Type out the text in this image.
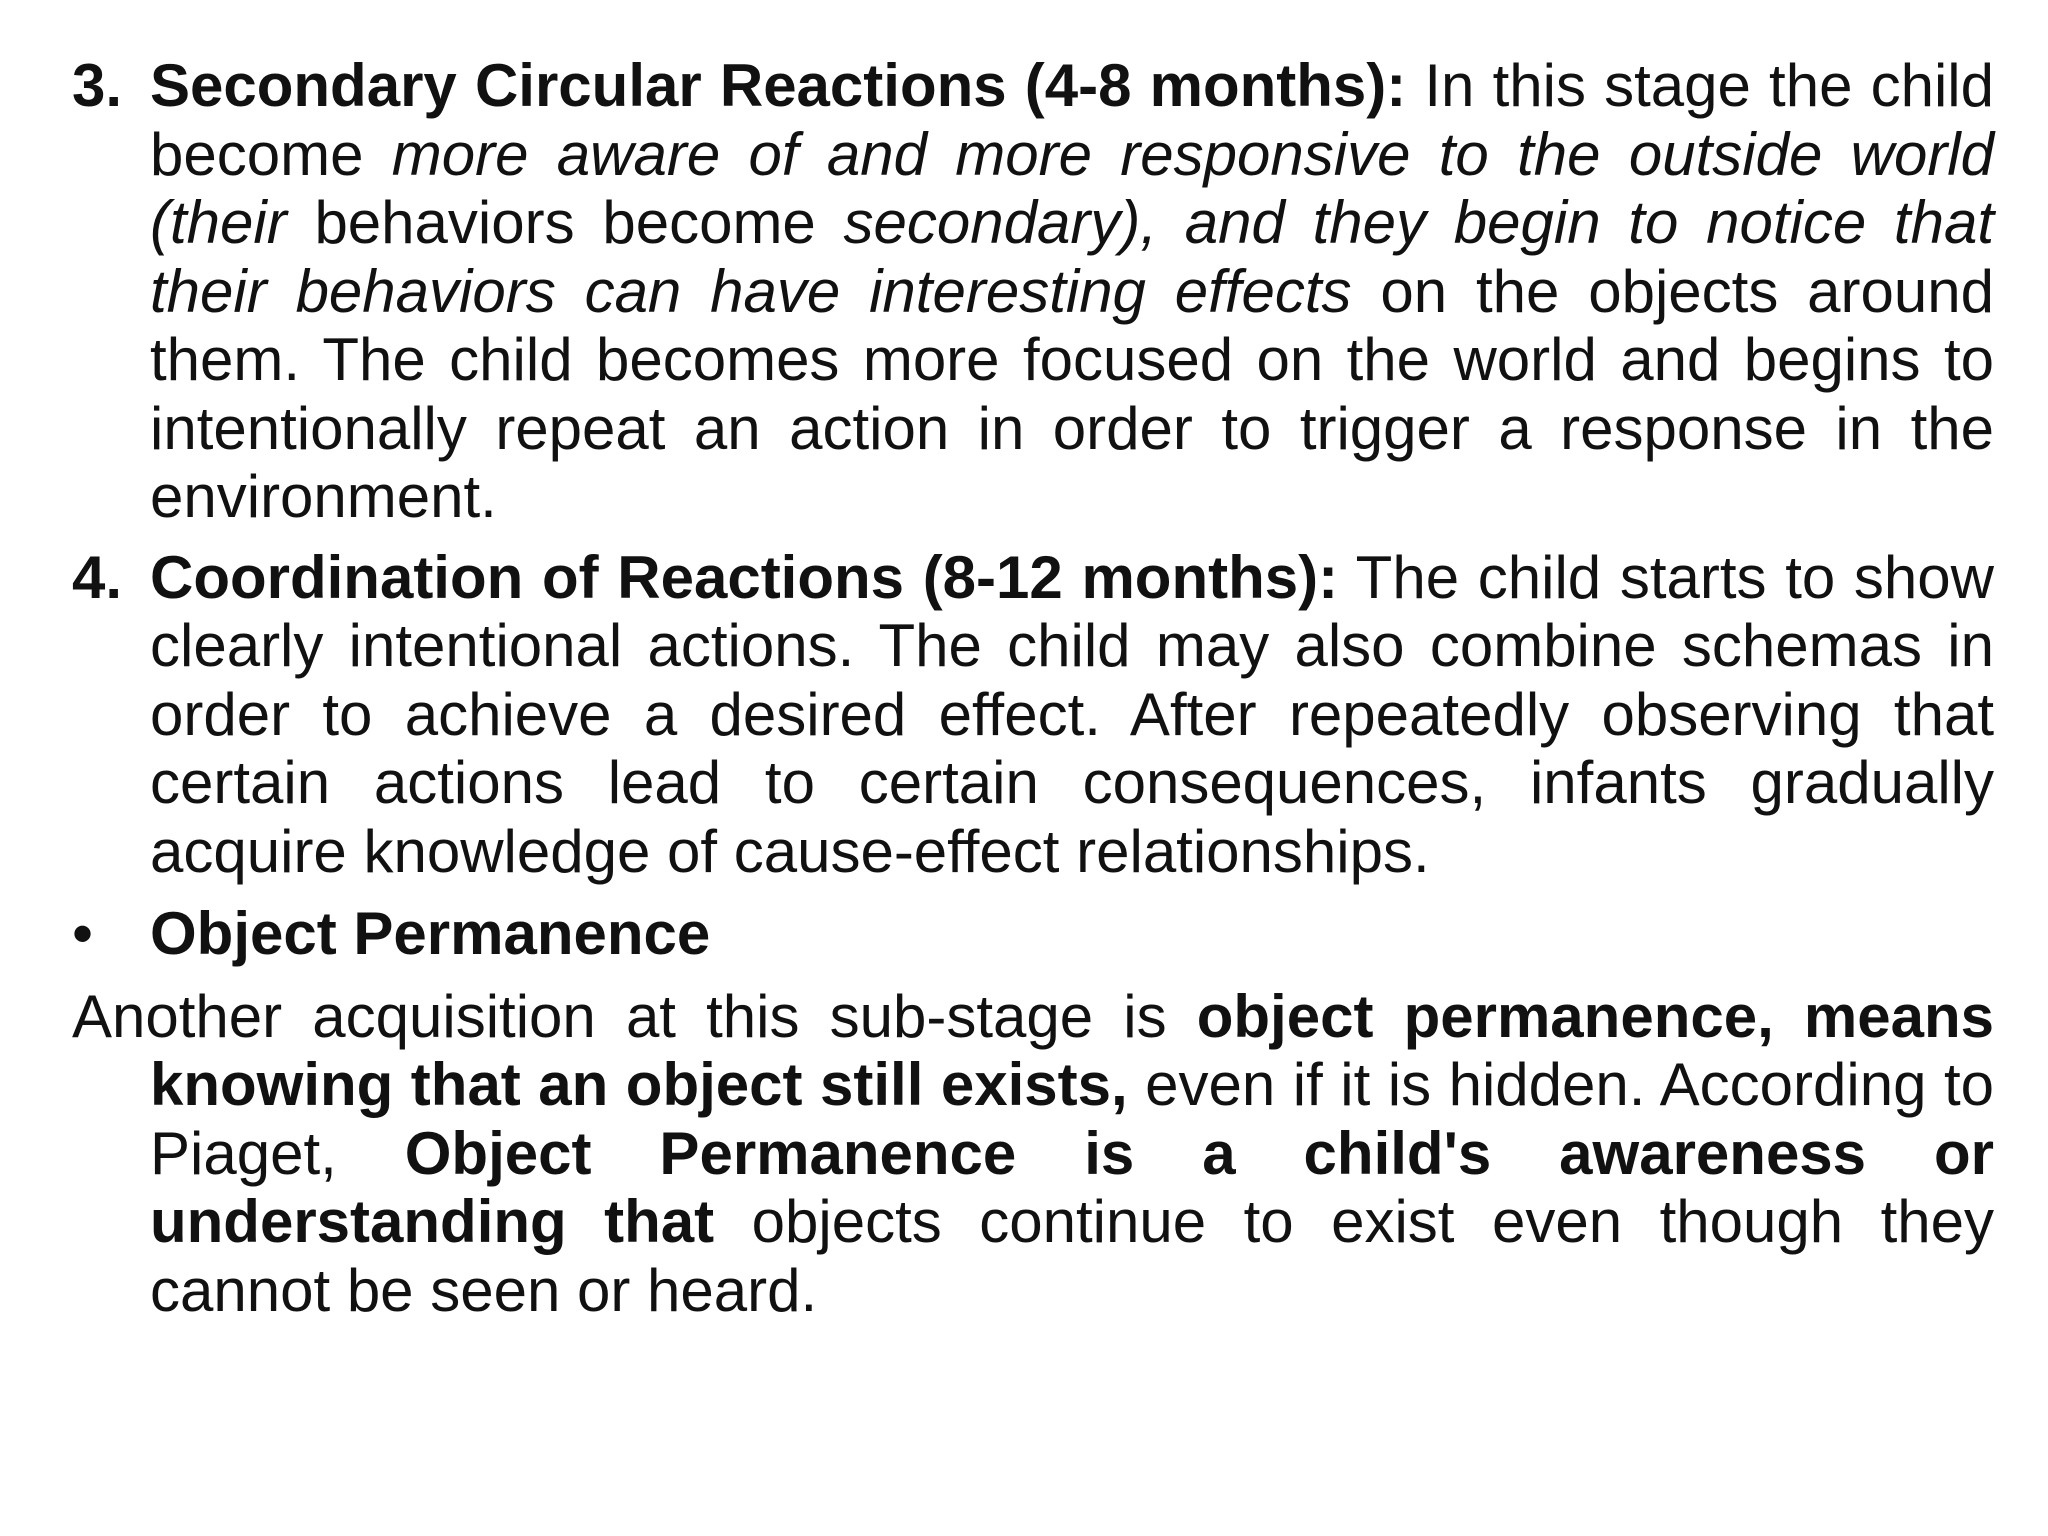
3. Secondary Circular Reactions (4-8 months): In this stage the child become more aware of and more responsive to the outside world (their behaviors become secondary), and they begin to notice that their behaviors can have interesting effects on the objects around them. The child becomes more focused on the world and begins to intentionally repeat an action in order to trigger a response in the environment.

4. Coordination of Reactions (8-12 months): The child starts to show clearly intentional actions. The child may also combine schemas in order to achieve a desired effect. After repeatedly observing that certain actions lead to certain consequences, infants gradually acquire knowledge of cause-effect relationships.

• Object Permanence

Another acquisition at this sub-stage is object permanence, means knowing that an object still exists, even if it is hidden. According to Piaget, Object Permanence is a child's awareness or understanding that objects continue to exist even though they cannot be seen or heard.
